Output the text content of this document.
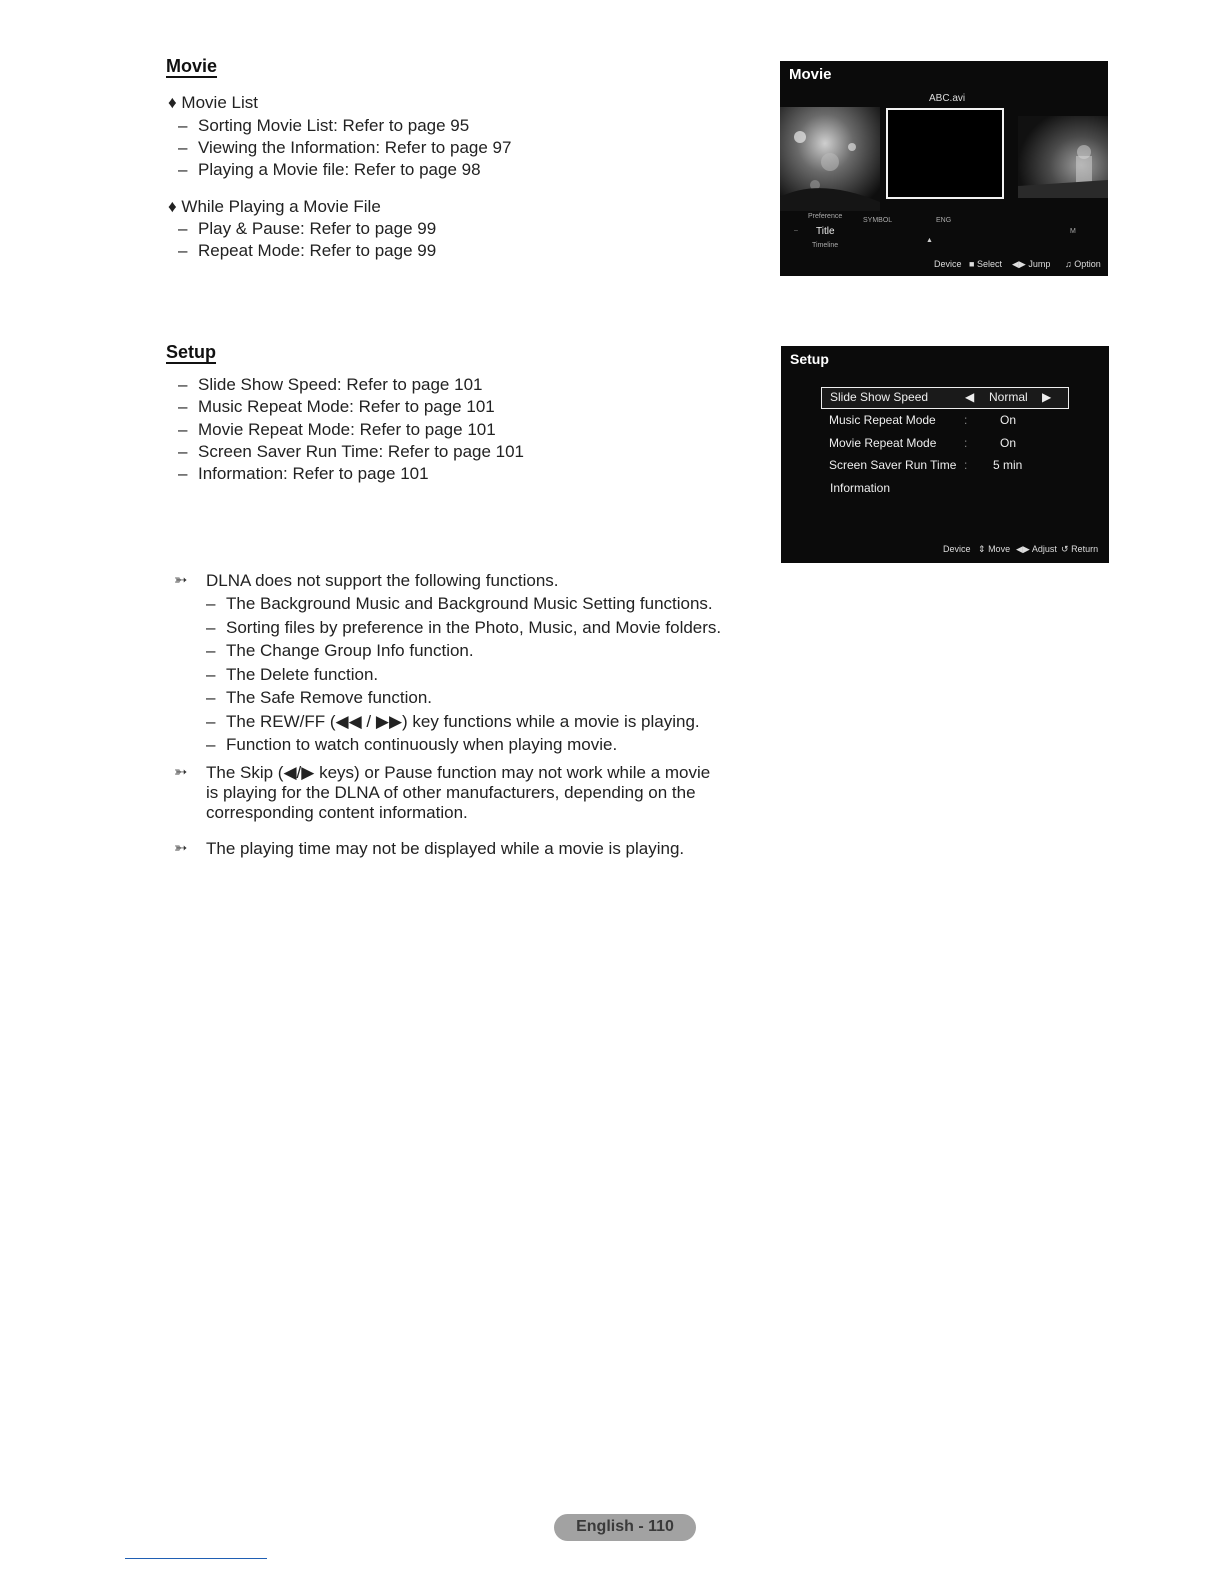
Movie
♦ Movie List
– Sorting Movie List: Refer to page 95
– Viewing the Information: Refer to page 97
– Playing a Movie file: Refer to page 98
♦ While Playing a Movie File
– Play & Pause: Refer to page 99
– Repeat Mode: Refer to page 99
Movie
ABC.avi
Preference
SYMBOL	ENG
– Title	M
▲
Timeline
Device ■ Select ◀▶ Jump ♫ Option
Setup
– Slide Show Speed: Refer to page 101
– Music Repeat Mode: Refer to page 101
– Movie Repeat Mode: Refer to page 101
– Screen Saver Run Time: Refer to page 101
– Information: Refer to page 101
Setup
Slide Show Speed	◀ Normal ▶
Music Repeat Mode :	On
Movie Repeat Mode :	On
Screen Saver Run Time : 5 min
Information
Device ⇕ Move ◀▶ Adjust ↺ Return
➳ DLNA does not support the following functions.
– The Background Music and Background Music Setting functions.
– Sorting files by preference in the Photo, Music, and Movie folders.
– The Change Group Info function.
– The Delete function.
– The Safe Remove function.
– The REW/FF (◀◀ / ▶▶) key functions while a movie is playing.
– Function to watch continuously when playing movie.
➳ The Skip (◀/▶ keys) or Pause function may not work while a movie
is playing for the DLNA of other manufacturers, depending on the
corresponding content information.
➳ The playing time may not be displayed while a movie is playing.
English - 110
